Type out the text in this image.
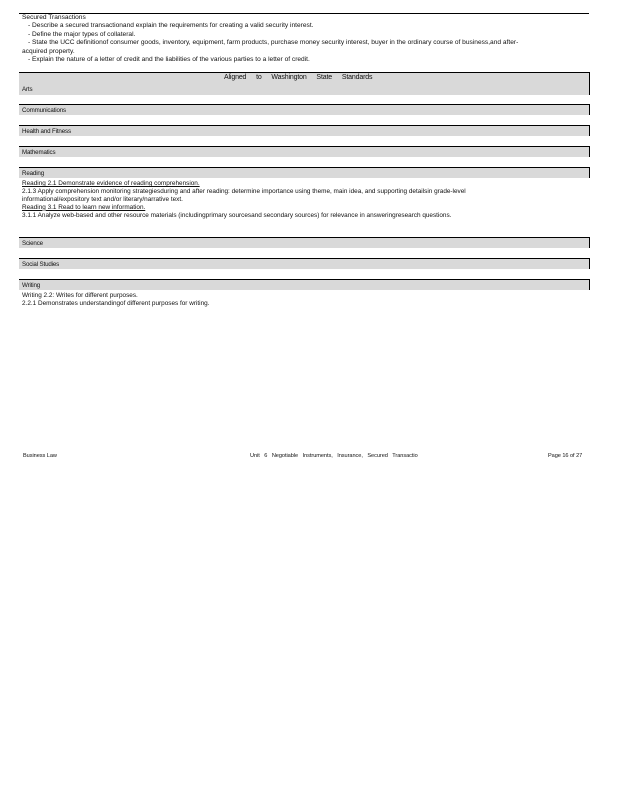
Secured Transactions
- Describe a secured transactionand explain the requirements for creating a valid security interest.
- Define the major types of collateral.
- State the UCC definitionof consumer goods, inventory, equipment, farm products, purchase money security interest, buyer in the ordinary course of business,and after-
acquired property.
- Explain the nature of a letter of credit and the liabilities of the various parties to a letter of credit.
Aligned to Washington State Standards
Arts
Communications
Health and Fitness
Mathematics
Reading
Reading 2.1 Demonstrate evidence of reading comprehension.
2.1.3 Apply comprehension monitoring strategiesduring and after reading: determine importance using theme, main idea, and supporting detailsin grade-level
informational/expository text and/or literary/narrative text.
Reading 3.1 Read to learn new information.
3.1.1 Analyze web-based and other resource materials (includingprimary sourcesand secondary sources) for relevance in answeringresearch questions.
Science
Social Studies
Writing
Writing 2.2: Writes for different purposes.
2.2.1 Demonstrates understandingof different purposes for writing.
Business Law	Unit 6 Negotiable Instruments, Insurance, Secured Transactio	Page 16 of 27
